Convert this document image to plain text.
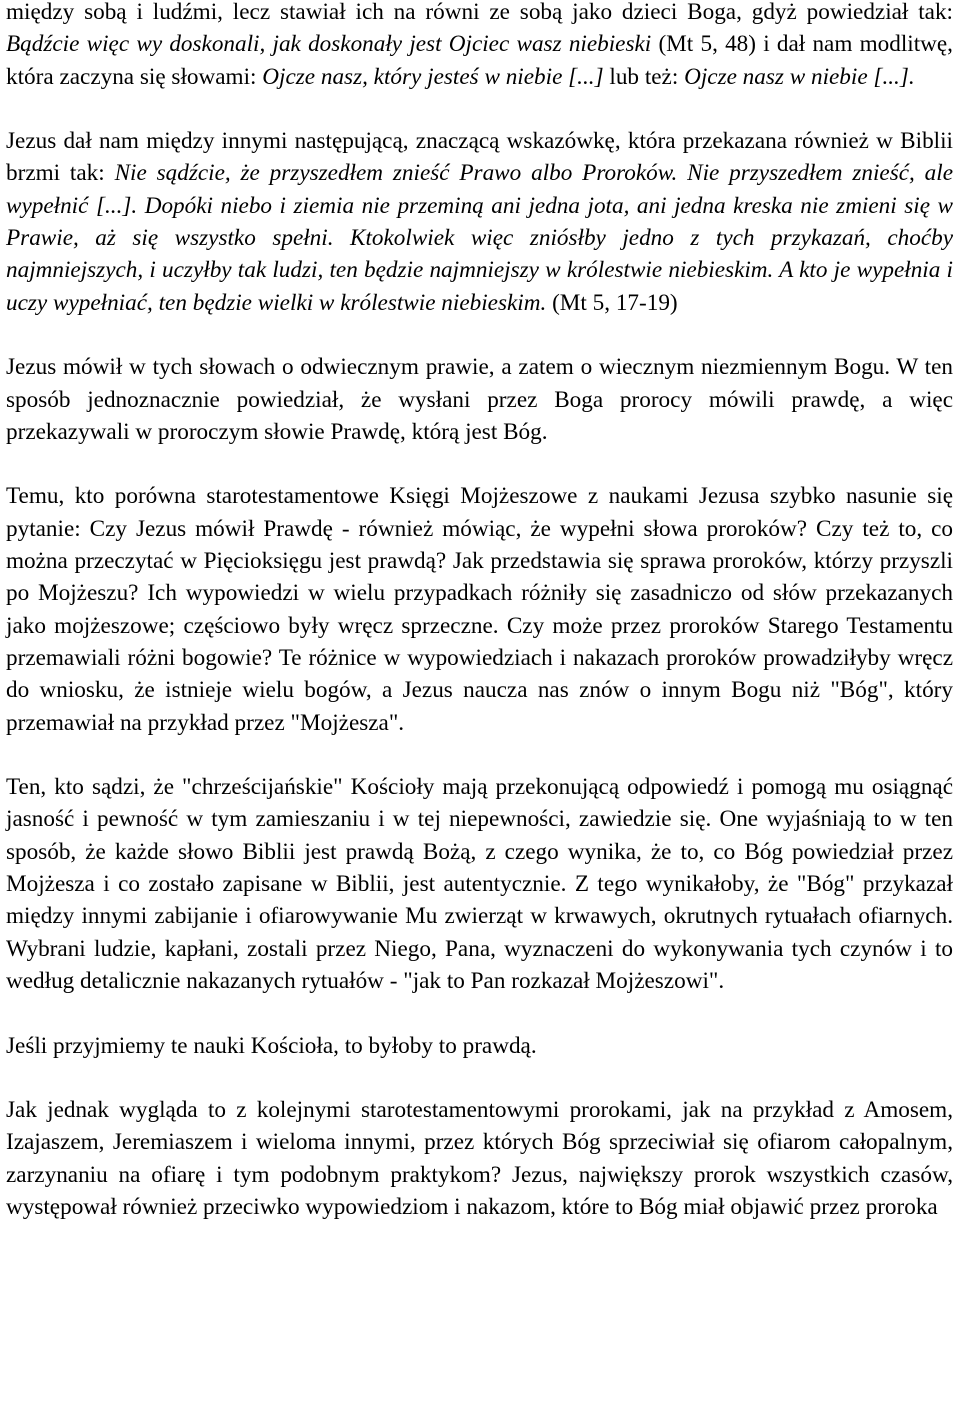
między sobą i ludźmi, lecz stawiał ich na równi ze sobą jako dzieci Boga, gdyż powiedział tak: Bądźcie więc wy doskonali, jak doskonały jest Ojciec wasz niebieski (Mt 5, 48) i dał nam modlitwę, która zaczyna się słowami: Ojcze nasz, który jesteś w niebie [...] lub też: Ojcze nasz w niebie [...].

Jezus dał nam między innymi następującą, znaczącą wskazówkę, która przekazana również w Biblii brzmi tak: Nie sądźcie, że przyszedłem znieść Prawo albo Proroków. Nie przyszedłem znieść, ale wypełnić [...]. Dopóki niebo i ziemia nie przeminą ani jedna jota, ani jedna kreska nie zmieni się w Prawie, aż się wszystko spełni. Ktokolwiek więc zniósłby jedno z tych przykazań, choćby najmniejszych, i uczyłby tak ludzi, ten będzie najmniejszy w królestwie niebieskim. A kto je wypełnia i uczy wypełniać, ten będzie wielki w królestwie niebieskim. (Mt 5, 17-19)

Jezus mówił w tych słowach o odwiecznym prawie, a zatem o wiecznym niezmiennym Bogu. W ten sposób jednoznacznie powiedział, że wysłani przez Boga prorocy mówili prawdę, a więc przekazywali w proroczym słowie Prawdę, którą jest Bóg.

Temu, kto porówna starotestamentowe Księgi Mojżeszowe z naukami Jezusa szybko nasunie się pytanie: Czy Jezus mówił Prawdę - również mówiąc, że wypełni słowa proroków? Czy też to, co można przeczytać w Pięcioksięgu jest prawdą? Jak przedstawia się sprawa proroków, którzy przyszli po Mojżeszu? Ich wypowiedzi w wielu przypadkach różniły się zasadniczo od słów przekazanych jako mojżeszowe; częściowo były wręcz sprzeczne. Czy może przez proroków Starego Testamentu przemawiali różni bogowie? Te różnice w wypowiedziach i nakazach proroków prowadziłyby wręcz do wniosku, że istnieje wielu bogów, a Jezus naucza nas znów o innym Bogu niż "Bóg", który przemawiał na przykład przez "Mojżesza".

Ten, kto sądzi, że "chrześcijańskie" Kościoły mają przekonującą odpowiedź i pomogą mu osiągnąć jasność i pewność w tym zamieszaniu i w tej niepewności, zawiedzie się. One wyjaśniają to w ten sposób, że każde słowo Biblii jest prawdą Bożą, z czego wynika, że to, co Bóg powiedział przez Mojżesza i co zostało zapisane w Biblii, jest autentycznie. Z tego wynikałoby, że "Bóg" przykazał między innymi zabijanie i ofiarowywanie Mu zwierząt w krwawych, okrutnych rytuałach ofiarnych. Wybrani ludzie, kapłani, zostali przez Niego, Pana, wyznaczeni do wykonywania tych czynów i to według detalicznie nakazanych rytuałów - "jak to Pan rozkazał Mojżeszowi".

Jeśli przyjmiemy te nauki Kościoła, to byłoby to prawdą.

Jak jednak wygląda to z kolejnymi starotestamentowymi prorokami, jak na przykład z Amosem, Izajaszem, Jeremiaszem i wieloma innymi, przez których Bóg sprzeciwiał się ofiarom całopalnym, zarzynaniu na ofiarę i tym podobnym praktykom? Jezus, największy prorok wszystkich czasów, występował również przeciwko wypowiedziom i nakazom, które to Bóg miał objawić przez proroka
